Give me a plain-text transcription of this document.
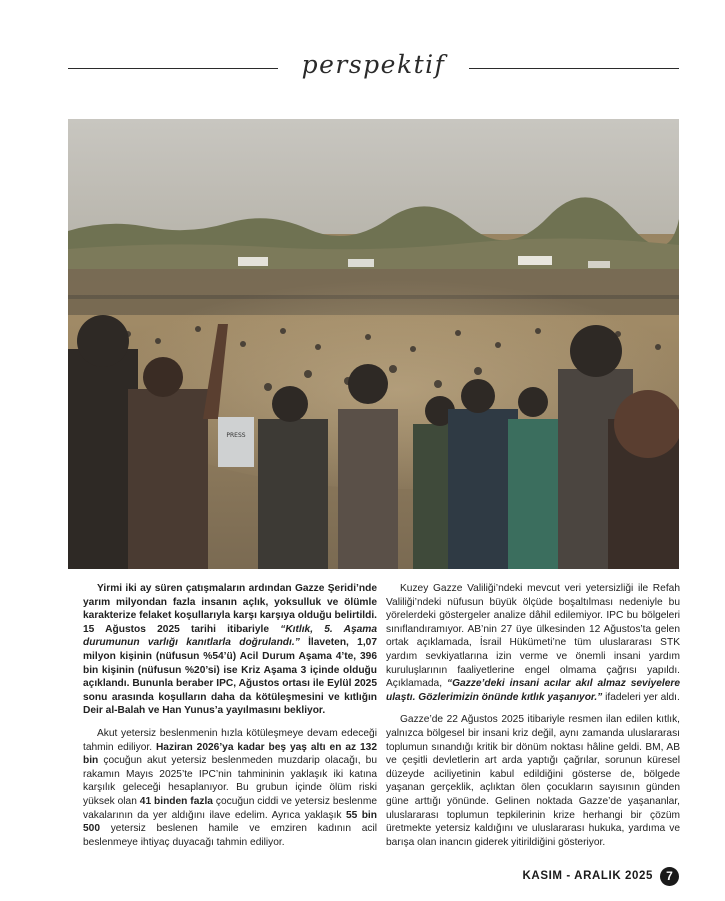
perspektif
PRESS

Yirmi iki ay süren çatışmaların ardından Gazze Şeridi’nde yarım milyondan fazla insanın açlık, yoksulluk ve ölümle karakterize felaket koşullarıyla karşı karşıya olduğu belirtildi. 15 Ağustos 2025 tarihi itibariyle “Kıtlık, 5. Aşama durumunun varlığı kanıtlarla doğrulandı.” İlaveten, 1,07 milyon kişinin (nüfusun %54’ü) Acil Durum Aşama 4’te, 396 bin kişinin (nüfusun %20’si) ise Kriz Aşama 3 içinde olduğu açıklandı. Bununla beraber IPC, Ağustos ortası ile Eylül 2025 sonu arasında koşulların daha da kötüleşmesini ve kıtlığın Deir al-Balah ve Han Yunus’a yayılmasını bekliyor.

Akut yetersiz beslenmenin hızla kötüleşmeye devam edeceği tahmin ediliyor. Haziran 2026’ya kadar beş yaş altı en az 132 bin çocuğun akut yetersiz beslenmeden muzdarip olacağı, bu rakamın Mayıs 2025’te IPC’nin tahmininin yaklaşık iki katına karşılık geleceği hesaplanıyor. Bu grubun içinde ölüm riski yüksek olan 41 binden fazla çocuğun ciddi ve yetersiz beslenme vakalarının da yer aldığını ilave edelim. Ayrıca yaklaşık 55 bin 500 yetersiz beslenen hamile ve emziren kadının acil beslenmeye ihtiyaç duyacağı tahmin ediliyor.

Kuzey Gazze Valiliği’ndeki mevcut veri yetersizliği ile Refah Valiliği’ndeki nüfusun büyük ölçüde boşaltılması nedeniyle bu yörelerdeki göstergeler analize dâhil edilemiyor. IPC bu bölgeleri sınıflandıramıyor. AB’nin 27 üye ülkesinden 12 Ağustos’ta gelen ortak açıklamada, İsrail Hükümeti’ne tüm uluslararası STK yardım sevkiyatlarına izin verme ve önemli insani yardım kuruluşlarının faaliyetlerine engel olmama çağrısı yapıldı. Açıklamada, “Gazze’deki insani acılar akıl almaz seviyelere ulaştı. Gözlerimizin önünde kıtlık yaşanıyor.” ifadeleri yer aldı.

Gazze’de 22 Ağustos 2025 itibariyle resmen ilan edilen kıtlık, yalnızca bölgesel bir insani kriz değil, aynı zamanda uluslararası toplumun sınandığı kritik bir dönüm noktası hâline geldi. BM, AB ve çeşitli devletlerin art arda yaptığı çağrılar, sorunun küresel düzeyde aciliyetinin kabul edildiğini gösterse de, bölgede yaşanan gerçeklik, açlıktan ölen çocukların sayısının günden güne arttığı yönünde. Gelinen noktada Gazze’de yaşananlar, uluslararası toplumun tepkilerinin krize herhangi bir çözüm üretmekte yetersiz kaldığını ve uluslararası hukuka, yardıma ve barışa olan inancın giderek yitirildiğini gösteriyor.

KASIM - ARALIK 2025	7
